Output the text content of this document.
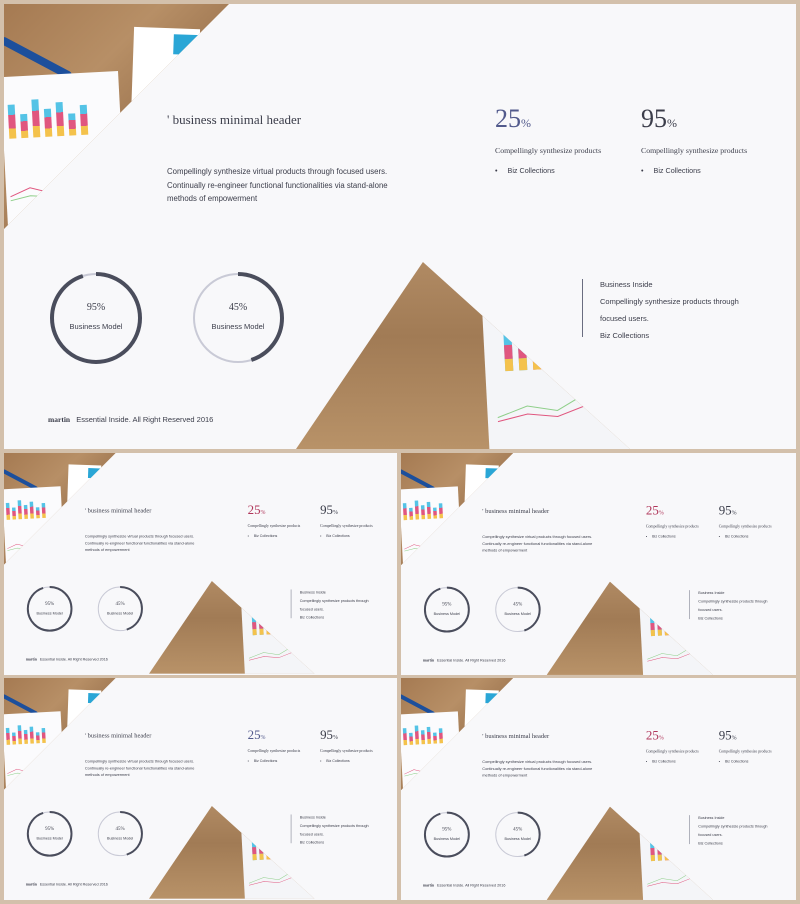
' business minimal header
Compellingly synthesize virtual products through focused users. Continually re-engineer functional functionalities via stand-alone methods of empowerment
25%
Compellingly synthesize products
• Biz Collections
95%
Compellingly synthesize products
• Biz Collections
95%
Business Model
45%
Business Model
Business Inside
Compellingly synthesize products through focused users.
Biz Collections
martin Essential Inside. All Right Reserved 2016
' business minimal header
Compellingly synthesize virtual products through focused users. Continually re-engineer functional functionalities via stand-alone methods of empowerment
25%
Compellingly synthesize products
• Biz Collections
95%
Compellingly synthesize products
• Biz Collections
95%
Business Model
45%
Business Model
Business Inside
Compellingly synthesize products through focused users.
Biz Collections
martin Essential Inside. All Right Reserved 2016
' business minimal header
Compellingly synthesize virtual products through focused users. Continually re-engineer functional functionalities via stand-alone methods of empowerment
25%
Compellingly synthesize products
• Biz Collections
95%
Compellingly synthesize products
• Biz Collections
95%
Business Model
45%
Business Model
Business Inside
Compellingly synthesize products through focused users.
Biz Collections
martin Essential Inside. All Right Reserved 2016
' business minimal header
Compellingly synthesize virtual products through focused users. Continually re-engineer functional functionalities via stand-alone methods of empowerment
25%
Compellingly synthesize products
• Biz Collections
95%
Compellingly synthesize products
• Biz Collections
95%
Business Model
45%
Business Model
Business Inside
Compellingly synthesize products through focused users.
Biz Collections
martin Essential Inside. All Right Reserved 2016
' business minimal header
Compellingly synthesize virtual products through focused users. Continually re-engineer functional functionalities via stand-alone methods of empowerment
25%
Compellingly synthesize products
• Biz Collections
95%
Compellingly synthesize products
• Biz Collections
95%
Business Model
45%
Business Model
Business Inside
Compellingly synthesize products through focused users.
Biz Collections
martin Essential Inside. All Right Reserved 2016
